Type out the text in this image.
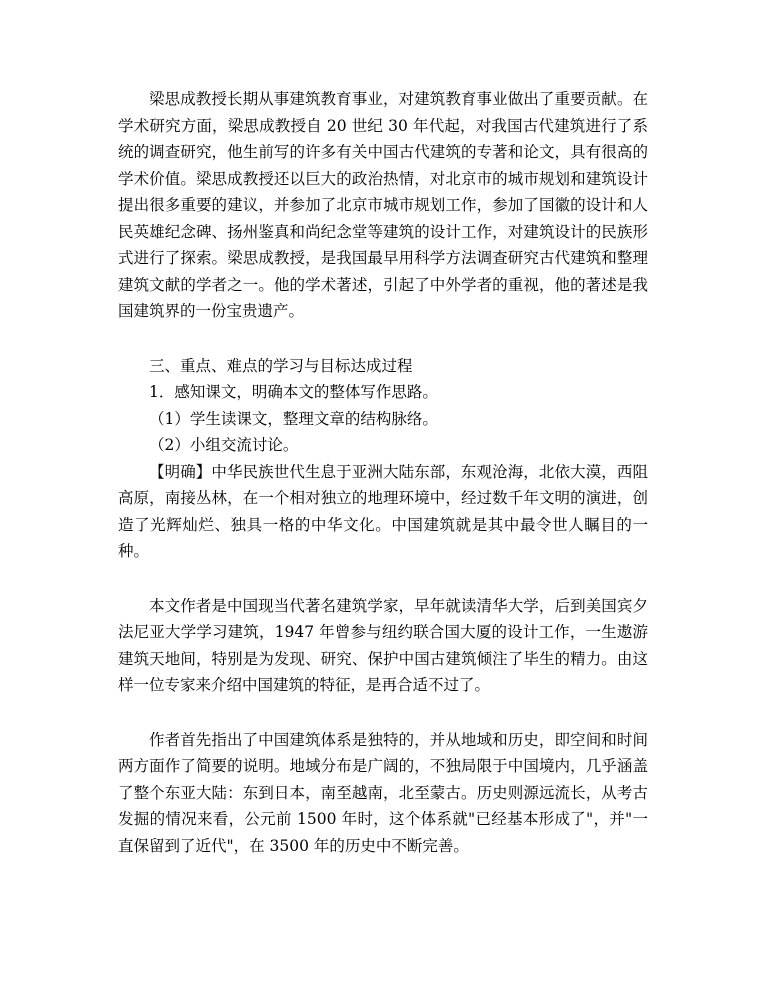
梁思成教授长期从事建筑教育事业，对建筑教育事业做出了重要贡献。在学术研究方面，梁思成教授自 20 世纪 30 年代起，对我国古代建筑进行了系统的调查研究，他生前写的许多有关中国古代建筑的专著和论文，具有很高的学术价值。梁思成教授还以巨大的政治热情，对北京市的城市规划和建筑设计提出很多重要的建议，并参加了北京市城市规划工作，参加了国徽的设计和人民英雄纪念碑、扬州鉴真和尚纪念堂等建筑的设计工作，对建筑设计的民族形式进行了探索。梁思成教授，是我国最早用科学方法调查研究古代建筑和整理建筑文献的学者之一。他的学术著述，引起了中外学者的重视，他的著述是我国建筑界的一份宝贵遗产。

三、重点、难点的学习与目标达成过程

1．感知课文，明确本文的整体写作思路。

（1）学生读课文，整理文章的结构脉络。

（2）小组交流讨论。

【明确】中华民族世代生息于亚洲大陆东部，东观沧海，北依大漠，西阻高原，南接丛林，在一个相对独立的地理环境中，经过数千年文明的演进，创造了光辉灿烂、独具一格的中华文化。中国建筑就是其中最令世人瞩目的一种。

本文作者是中国现当代著名建筑学家，早年就读清华大学，后到美国宾夕法尼亚大学学习建筑，1947 年曾参与纽约联合国大厦的设计工作，一生遨游建筑天地间，特别是为发现、研究、保护中国古建筑倾注了毕生的精力。由这样一位专家来介绍中国建筑的特征，是再合适不过了。

作者首先指出了中国建筑体系是独特的，并从地域和历史，即空间和时间两方面作了简要的说明。地域分布是广阔的，不独局限于中国境内，几乎涵盖了整个东亚大陆：东到日本，南至越南，北至蒙古。历史则源远流长，从考古发掘的情况来看，公元前 1500 年时，这个体系就"已经基本形成了"，并"一直保留到了近代"，在 3500 年的历史中不断完善。
